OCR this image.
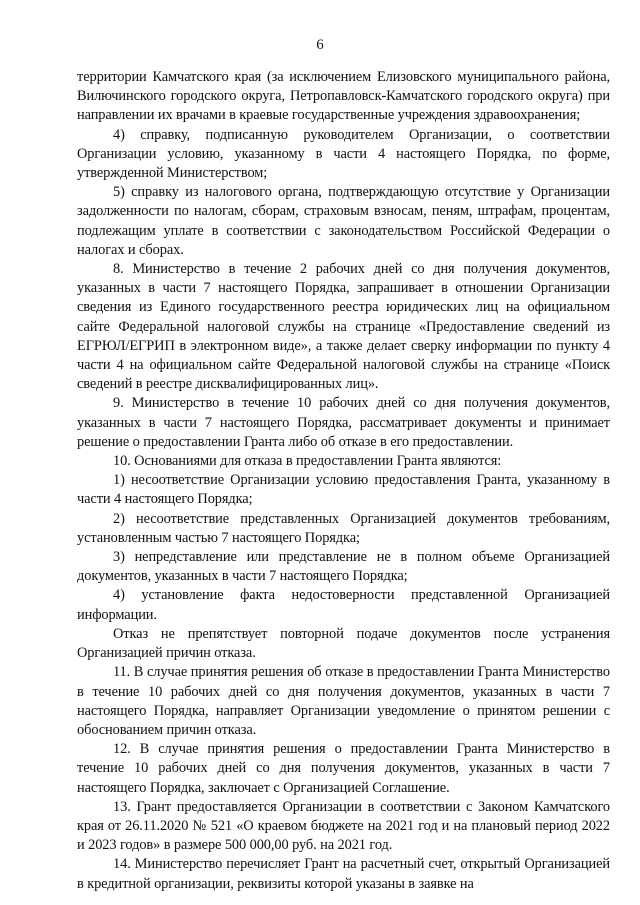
6

территории Камчатского края (за исключением Елизовского муниципального района, Вилючинского городского округа, Петропавловск-Камчатского городского округа) при направлении их врачами в краевые государственные учреждения здравоохранения;

4) справку, подписанную руководителем Организации, о соответствии Организации условию, указанному в части 4 настоящего Порядка, по форме, утвержденной Министерством;

5) справку из налогового органа, подтверждающую отсутствие у Организации задолженности по налогам, сборам, страховым взносам, пеням, штрафам, процентам, подлежащим уплате в соответствии с законодательством Российской Федерации о налогах и сборах.

8. Министерство в течение 2 рабочих дней со дня получения документов, указанных в части 7 настоящего Порядка, запрашивает в отношении Организации сведения из Единого государственного реестра юридических лиц на официальном сайте Федеральной налоговой службы на странице «Предоставление сведений из ЕГРЮЛ/ЕГРИП в электронном виде», а также делает сверку информации по пункту 4 части 4 на официальном сайте Федеральной налоговой службы на странице «Поиск сведений в реестре дисквалифицированных лиц».

9. Министерство в течение 10 рабочих дней со дня получения документов, указанных в части 7 настоящего Порядка, рассматривает документы и принимает решение о предоставлении Гранта либо об отказе в его предоставлении.

10. Основаниями для отказа в предоставлении Гранта являются:

1) несоответствие Организации условию предоставления Гранта, указанному в части 4 настоящего Порядка;

2) несоответствие представленных Организацией документов требованиям, установленным частью 7 настоящего Порядка;

3) непредставление или представление не в полном объеме Организацией документов, указанных в части 7 настоящего Порядка;

4) установление факта недостоверности представленной Организацией информации.

Отказ не препятствует повторной подаче документов после устранения Организацией причин отказа.

11. В случае принятия решения об отказе в предоставлении Гранта Министерство в течение 10 рабочих дней со дня получения документов, указанных в части 7 настоящего Порядка, направляет Организации уведомление о принятом решении с обоснованием причин отказа.

12. В случае принятия решения о предоставлении Гранта Министерство в течение 10 рабочих дней со дня получения документов, указанных в части 7 настоящего Порядка, заключает с Организацией Соглашение.

13. Грант предоставляется Организации в соответствии с Законом Камчатского края от 26.11.2020 № 521 «О краевом бюджете на 2021 год и на плановый период 2022 и 2023 годов» в размере 500 000,00 руб. на 2021 год.

14. Министерство перечисляет Грант на расчетный счет, открытый Организацией в кредитной организации, реквизиты которой указаны в заявке на
